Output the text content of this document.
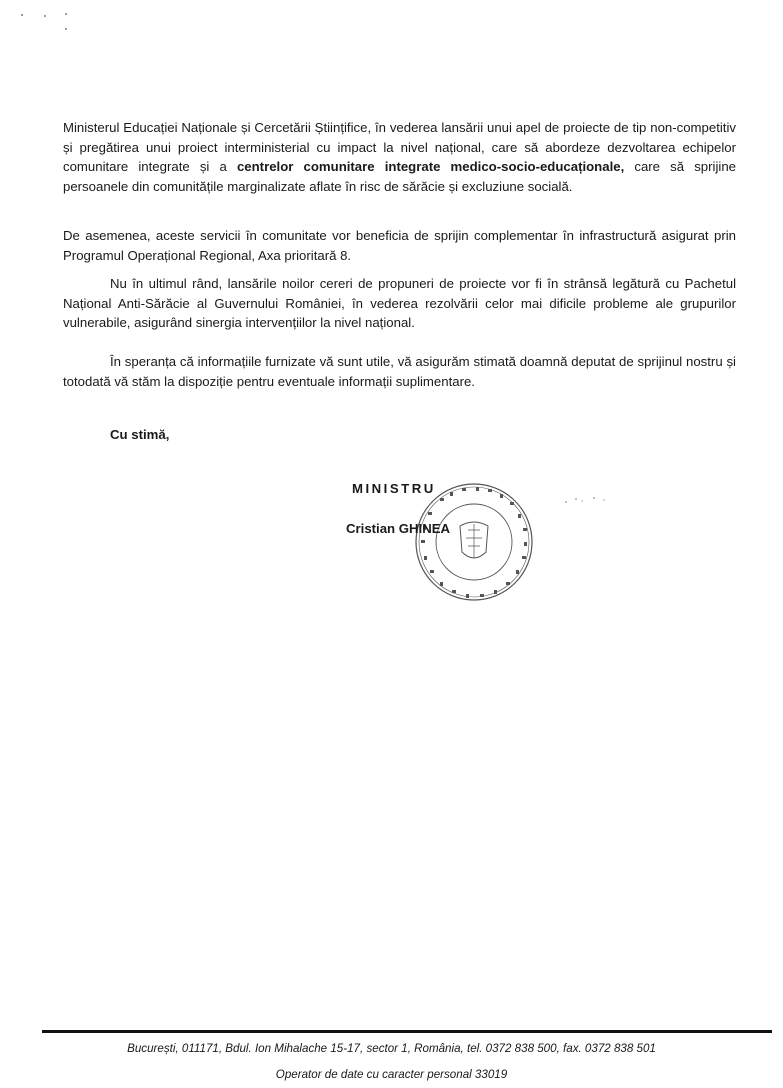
Ministerul Educației Naționale și Cercetării Științifice, în vederea lansării unui apel de proiecte de tip non-competitiv și pregătirea unui proiect interministerial cu impact la nivel național, care să abordeze dezvoltarea echipelor comunitare integrate și a centrelor comunitare integrate medico-socio-educaționale, care să sprijine persoanele din comunitățile marginalizate aflate în risc de sărăcie și excluziune socială.

De asemenea, aceste servicii în comunitate vor beneficia de sprijin complementar în infrastructură asigurat prin Programul Operațional Regional, Axa prioritară 8.

Nu în ultimul rând, lansările noilor cereri de propuneri de proiecte vor fi în strânsă legătură cu Pachetul Național Anti-Sărăcie al Guvernului României, în vederea rezolvării celor mai dificile probleme ale grupurilor vulnerabile, asigurând sinergia intervențiilor la nivel național.

În speranța că informațiile furnizate vă sunt utile, vă asigurăm stimată doamnă deputat de sprijinul nostru și totodată vă stăm la dispoziție pentru eventuale informații suplimentare.

Cu stimă,

MINISTRU

Cristian GHINEA

București, 011171, Bdul. Ion Mihalache 15-17, sector 1, România, tel. 0372 838 500, fax. 0372 838 501

Operator de date cu caracter personal 33019
